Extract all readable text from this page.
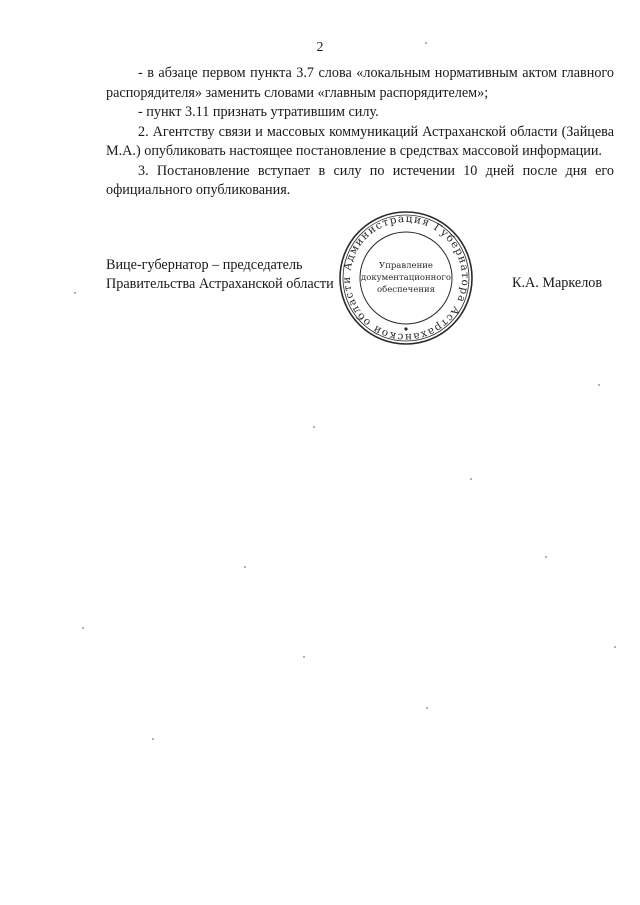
2

- в абзаце первом пункта 3.7 слова «локальным нормативным актом главного распорядителя» заменить словами «главным распорядителем»;

- пункт 3.11 признать утратившим силу.

2. Агентству связи и массовых коммуникаций Астраханской области (Зайцева М.А.) опубликовать настоящее постановление в средствах массовой информации.

3. Постановление вступает в силу по истечении 10 дней после дня его официального опубликования.

Вице-губернатор – председатель
Правительства Астраханской области
Администрация Губернатора Астраханской области
Управление
документационного
обеспечения	К.А. Маркелов
